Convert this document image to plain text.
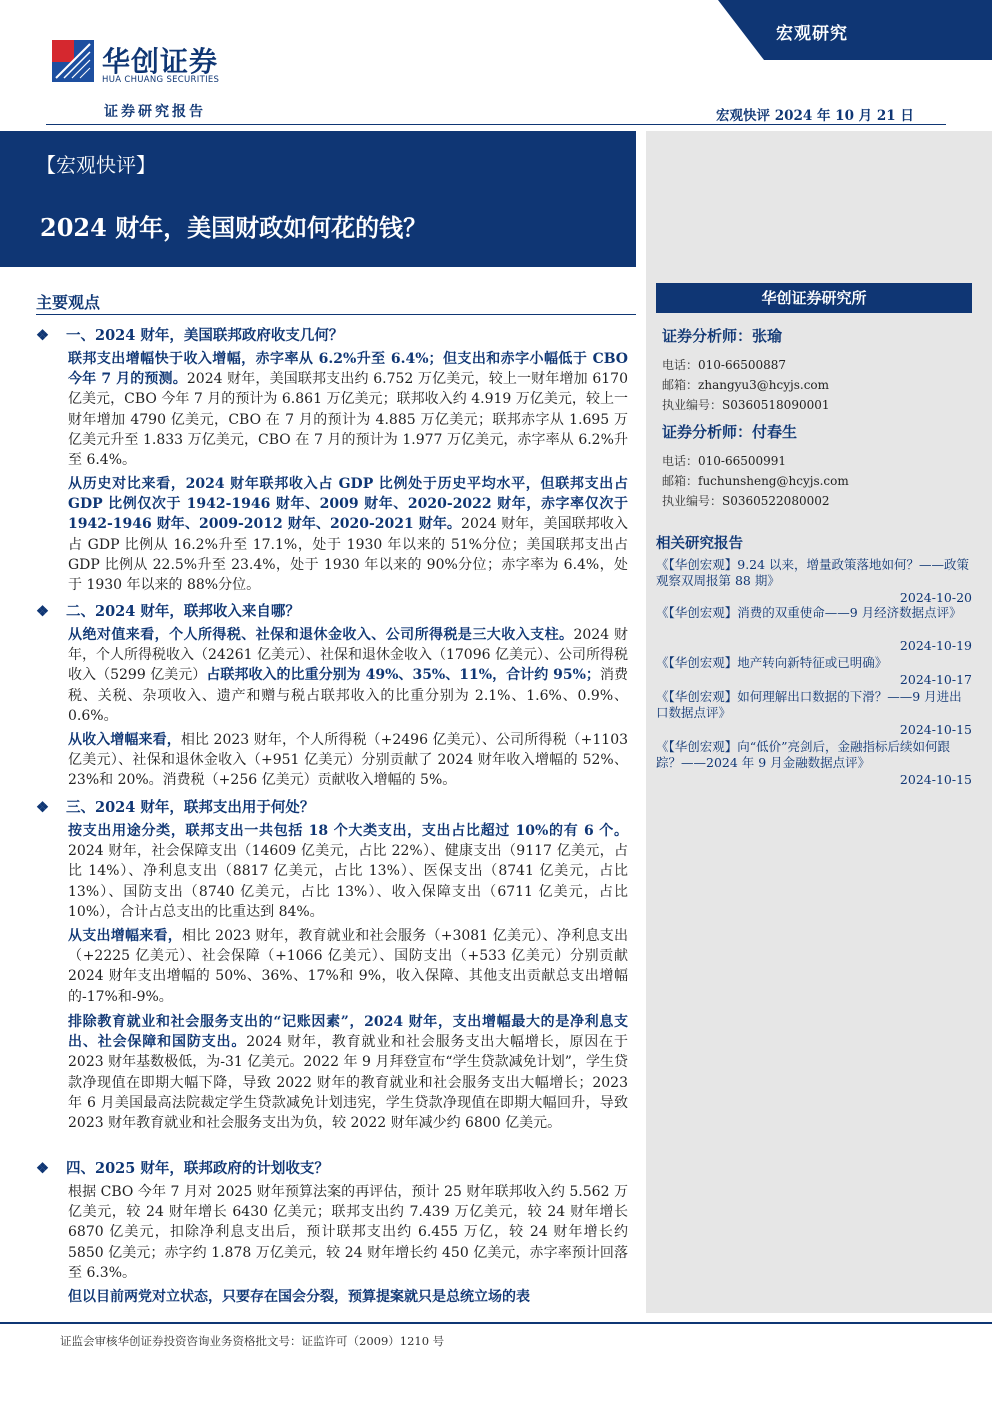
华创证券
HUA CHUANG SECURITIES
证券研究报告
宏观研究
宏观快评 2024 年 10 月 21 日
【宏观快评】
2024 财年，美国财政如何花的钱？
华创证券研究所
证券分析师：张瑜
电话：010-66500887
邮箱：zhangyu3@hcyjs.com
执业编号：S0360518090001
证券分析师：付春生
电话：010-66500991
邮箱：fuchunsheng@hcyjs.com
执业编号：S0360522080002
相关研究报告
《【华创宏观】9.24 以来，增量政策落地如何？——政策观察双周报第 88 期》
2024-10-20
《【华创宏观】消费的双重使命——9 月经济数据点评》
2024-10-19
《【华创宏观】地产转向新特征或已明确》
2024-10-17
《【华创宏观】如何理解出口数据的下滑？——9 月进出口数据点评》
2024-10-15
《【华创宏观】向“低价”亮剑后，金融指标后续如何跟踪？——2024 年 9 月金融数据点评》
2024-10-15
主要观点
❖ 一、2024 财年，美国联邦政府收支几何？
联邦支出增幅快于收入增幅，赤字率从 6.2%升至 6.4%；但支出和赤字小幅低于 CBO 今年 7 月的预测。2024 财年，美国联邦支出约 6.752 万亿美元，较上一财年增加 6170 亿美元，CBO 今年 7 月的预计为 6.861 万亿美元；联邦收入约 4.919 万亿美元，较上一财年增加 4790 亿美元，CBO 在 7 月的预计为 4.885 万亿美元；联邦赤字从 1.695 万亿美元升至 1.833 万亿美元，CBO 在 7 月的预计为 1.977 万亿美元，赤字率从 6.2%升至 6.4%。
从历史对比来看，2024 财年联邦收入占 GDP 比例处于历史平均水平，但联邦支出占 GDP 比例仅次于 1942-1946 财年、2009 财年、2020-2022 财年，赤字率仅次于 1942-1946 财年、2009-2012 财年、2020-2021 财年。2024 财年，美国联邦收入占 GDP 比例从 16.2%升至 17.1%，处于 1930 年以来的 51%分位；美国联邦支出占 GDP 比例从 22.5%升至 23.4%，处于 1930 年以来的 90%分位；赤字率为 6.4%，处于 1930 年以来的 88%分位。
❖ 二、2024 财年，联邦收入来自哪？
从绝对值来看，个人所得税、社保和退休金收入、公司所得税是三大收入支柱。2024 财年，个人所得税收入（24261 亿美元）、社保和退休金收入（17096 亿美元）、公司所得税收入（5299 亿美元）占联邦收入的比重分别为 49%、35%、11%，合计约 95%；消费税、关税、杂项收入、遗产和赠与税占联邦收入的比重分别为 2.1%、1.6%、0.9%、0.6%。
从收入增幅来看，相比 2023 财年，个人所得税（+2496 亿美元）、公司所得税（+1103 亿美元）、社保和退休金收入（+951 亿美元）分别贡献了 2024 财年收入增幅的 52%、23%和 20%。消费税（+256 亿美元）贡献收入增幅的 5%。
❖ 三、2024 财年，联邦支出用于何处？
按支出用途分类，联邦支出一共包括 18 个大类支出，支出占比超过 10%的有 6 个。2024 财年，社会保障支出（14609 亿美元，占比 22%）、健康支出（9117 亿美元，占比 14%）、净利息支出（8817 亿美元，占比 13%）、医保支出（8741 亿美元，占比 13%）、国防支出（8740 亿美元，占比 13%）、收入保障支出（6711 亿美元，占比 10%），合计占总支出的比重达到 84%。
从支出增幅来看，相比 2023 财年，教育就业和社会服务（+3081 亿美元）、净利息支出（+2225 亿美元）、社会保障（+1066 亿美元）、国防支出（+533 亿美元）分别贡献 2024 财年支出增幅的 50%、36%、17%和 9%，收入保障、其他支出贡献总支出增幅的-17%和-9%。
排除教育就业和社会服务支出的“记账因素”，2024 财年，支出增幅最大的是净利息支出、社会保障和国防支出。2024 财年，教育就业和社会服务支出大幅增长，原因在于 2023 财年基数极低，为-31 亿美元。2022 年 9 月拜登宣布“学生贷款减免计划”，学生贷款净现值在即期大幅下降，导致 2022 财年的教育就业和社会服务支出大幅增长；2023 年 6 月美国最高法院裁定学生贷款减免计划违宪，学生贷款净现值在即期大幅回升，导致 2023 财年教育就业和社会服务支出为负，较 2022 财年减少约 6800 亿美元。
❖ 四、2025 财年，联邦政府的计划收支？
根据 CBO 今年 7 月对 2025 财年预算法案的再评估，预计 25 财年联邦收入约 5.562 万亿美元，较 24 财年增长 6430 亿美元；联邦支出约 7.439 万亿美元，较 24 财年增长 6870 亿美元，扣除净利息支出后，预计联邦支出约 6.455 万亿，较 24 财年增长约 5850 亿美元；赤字约 1.878 万亿美元，较 24 财年增长约 450 亿美元，赤字率预计回落至 6.3%。
但以目前两党对立状态，只要存在国会分裂，预算提案就只是总统立场的表
证监会审核华创证券投资咨询业务资格批文号：证监许可（2009）1210 号
